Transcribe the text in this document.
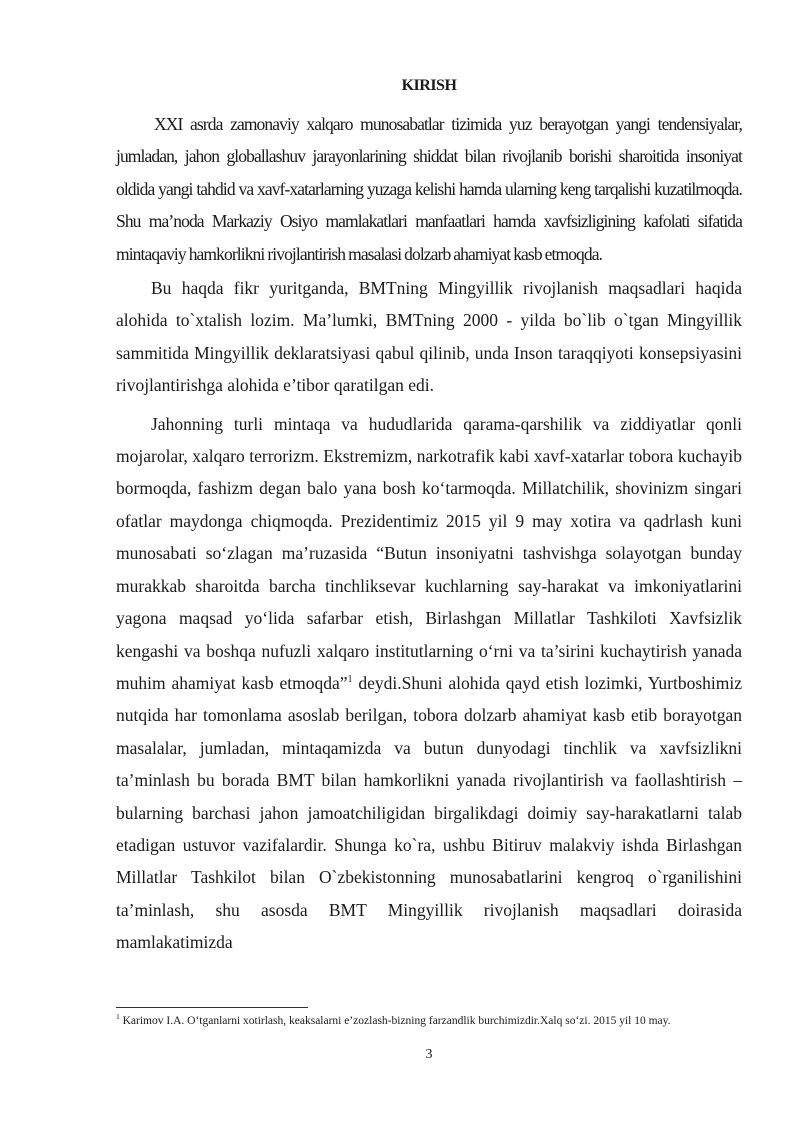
KIRISH

XXI asrda zamonaviy xalqaro munosabatlar tizimida yuz berayotgan yangi tendensiyalar, jumladan, jahon globallashuv jarayonlarining shiddat bilan rivojlanib borishi sharoitida insoniyat oldida yangi tahdid va xavf-xatarlarning yuzaga kelishi hamda ularning keng tarqalishi kuzatilmoqda. Shu ma’noda Markaziy Osiyo mamlakatlari manfaatlari hamda xavfsizligining kafolati sifatida mintaqaviy hamkorlikni rivojlantirish masalasi dolzarb ahamiyat kasb etmoqda.

Bu haqda fikr yuritganda, BMTning Mingyillik rivojlanish maqsadlari haqida alohida to`xtalish lozim. Ma’lumki, BMTning 2000 - yilda bo`lib o`tgan Mingyillik sammitida Mingyillik deklaratsiyasi qabul qilinib, unda Inson taraqqiyoti konsepsiyasini rivojlantirishga alohida e’tibor qaratilgan edi.

Jahonning turli mintaqa va hududlarida qarama-qarshilik va ziddiyatlar qonli mojarolar, xalqaro terrorizm. Ekstremizm, narkotrafik kabi xavf-xatarlar tobora kuchayib bormoqda, fashizm degan balo yana bosh ko‘tarmoqda. Millatchilik, shovinizm singari ofatlar maydonga chiqmoqda. Prezidentimiz 2015 yil 9 may xotira va qadrlash kuni munosabati so‘zlagan ma’ruzasida “Butun insoniyatni tashvishga solayotgan bunday murakkab sharoitda barcha tinchliksevar kuchlarning say-harakat va imkoniyatlarini yagona maqsad yo‘lida safarbar etish, Birlashgan Millatlar Tashkiloti Xavfsizlik kengashi va boshqa nufuzli xalqaro institutlarning o‘rni va ta’sirini kuchaytirish yanada muhim ahamiyat kasb etmoqda”$^1$ deydi.Shuni alohida qayd etish lozimki, Yurtboshimiz nutqida har tomonlama asoslab berilgan, tobora dolzarb ahamiyat kasb etib borayotgan masalalar, jumladan, mintaqamizda va butun dunyodagi tinchlik va xavfsizlikni ta’minlash bu borada BMT bilan hamkorlikni yanada rivojlantirish va faollashtirish – bularning barchasi jahon jamoatchiligidan birgalikdagi doimiy say-harakatlarni talab etadigan ustuvor vazifalardir. Shunga ko`ra, ushbu Bitiruv malakviy ishda Birlashgan Millatlar Tashkilot bilan O`zbekistonning munosabatlarini kengroq o`rganilishini ta’minlash, shu asosda BMT Mingyillik rivojlanish maqsadlari doirasida mamlakatimizda

$^1$ Karimov I.A. O‘tganlarni xotirlash, keaksalarni e’zozlash-bizning farzandlik burchimizdir.Xalq so‘zi. 2015 yil 10 may.
3
